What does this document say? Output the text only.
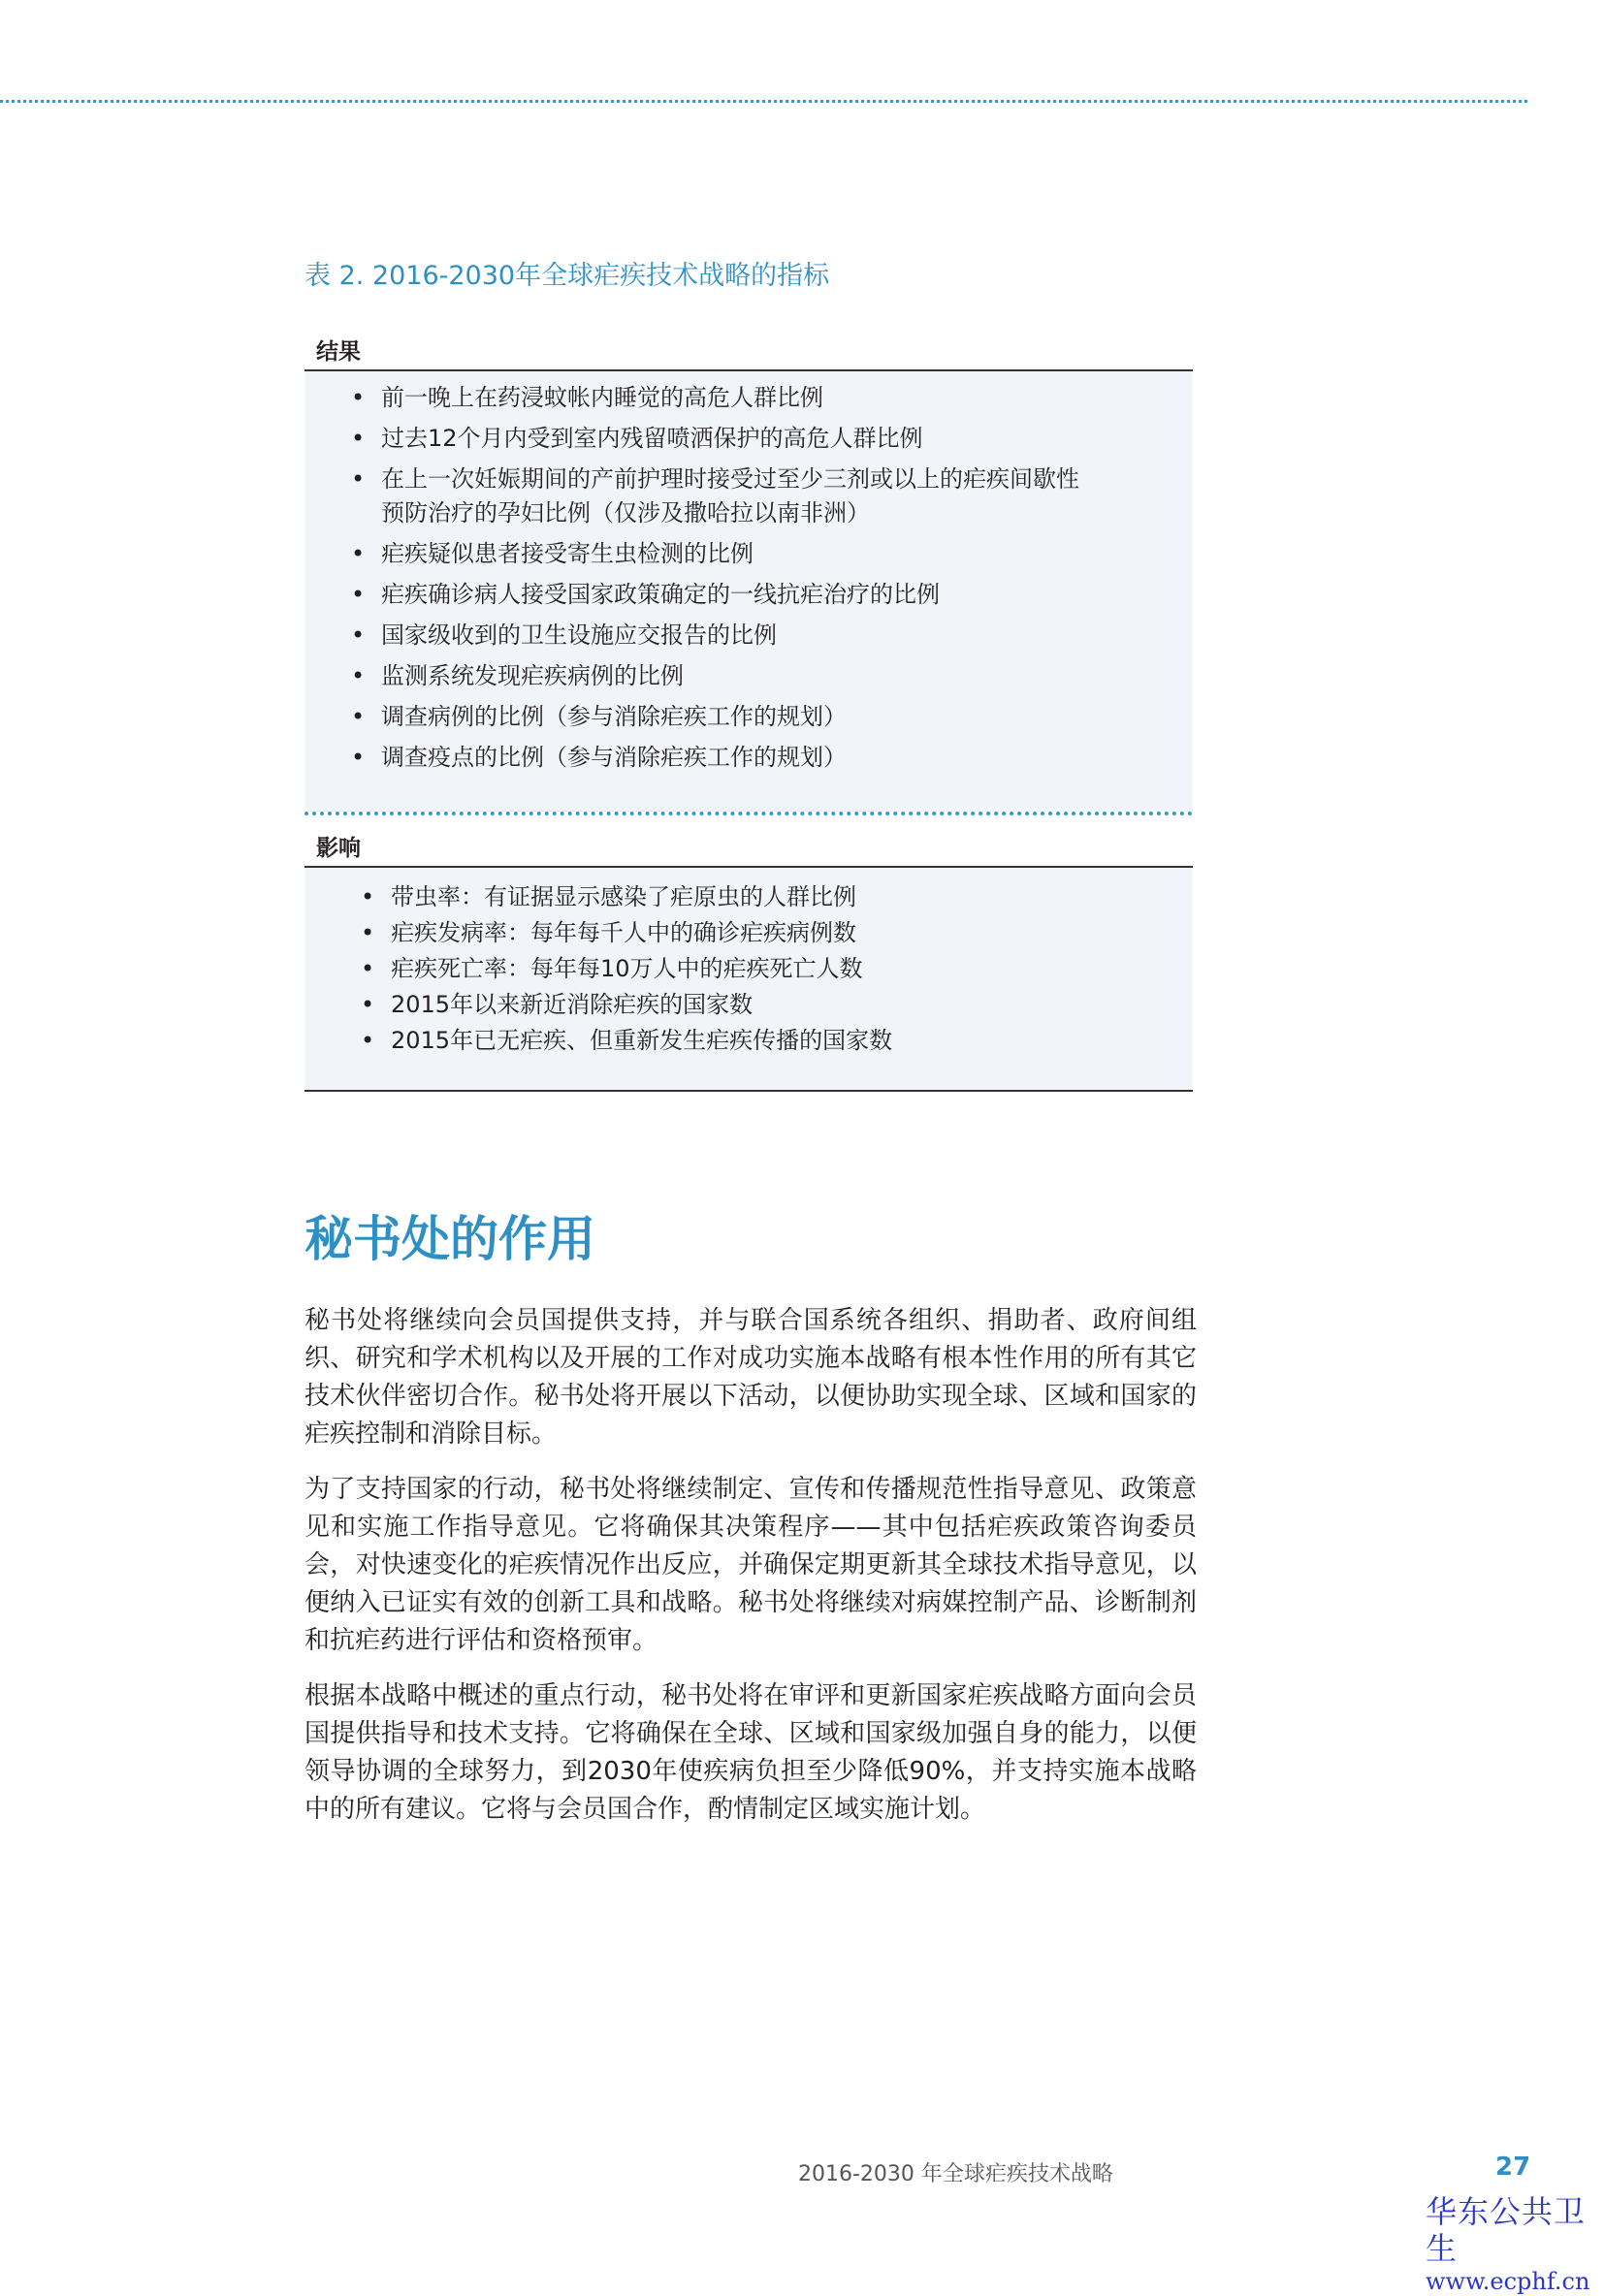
表 2. 2016-2030年全球疟疾技术战略的指标
结果
• 前一晚上在药浸蚊帐内睡觉的高危人群比例
• 过去12个月内受到室内残留喷洒保护的高危人群比例
• 在上一次妊娠期间的产前护理时接受过至少三剂或以上的疟疾间歇性预防治疗的孕妇比例（仅涉及撒哈拉以南非洲）
• 疟疾疑似患者接受寄生虫检测的比例
• 疟疾确诊病人接受国家政策确定的一线抗疟治疗的比例
• 国家级收到的卫生设施应交报告的比例
• 监测系统发现疟疾病例的比例
• 调查病例的比例（参与消除疟疾工作的规划）
• 调查疫点的比例（参与消除疟疾工作的规划）
影响
• 带虫率：有证据显示感染了疟原虫的人群比例
• 疟疾发病率：每年每千人中的确诊疟疾病例数
• 疟疾死亡率：每年每10万人中的疟疾死亡人数
• 2015年以来新近消除疟疾的国家数
• 2015年已无疟疾、但重新发生疟疾传播的国家数
秘书处的作用

秘书处将继续向会员国提供支持，并与联合国系统各组织、捐助者、政府间组织、研究和学术机构以及开展的工作对成功实施本战略有根本性作用的所有其它技术伙伴密切合作。秘书处将开展以下活动，以便协助实现全球、区域和国家的疟疾控制和消除目标。

为了支持国家的行动，秘书处将继续制定、宣传和传播规范性指导意见、政策意见和实施工作指导意见。它将确保其决策程序——其中包括疟疾政策咨询委员会，对快速变化的疟疾情况作出反应，并确保定期更新其全球技术指导意见，以便纳入已证实有效的创新工具和战略。秘书处将继续对病媒控制产品、诊断制剂和抗疟药进行评估和资格预审。

根据本战略中概述的重点行动，秘书处将在审评和更新国家疟疾战略方面向会员国提供指导和技术支持。它将确保在全球、区域和国家级加强自身的能力，以便领导协调的全球努力，到2030年使疾病负担至少降低90%，并支持实施本战略中的所有建议。它将与会员国合作，酌情制定区域实施计划。

2016-2030 年全球疟疾技术战略	27
华东公共卫生
www.ecphf.cn
